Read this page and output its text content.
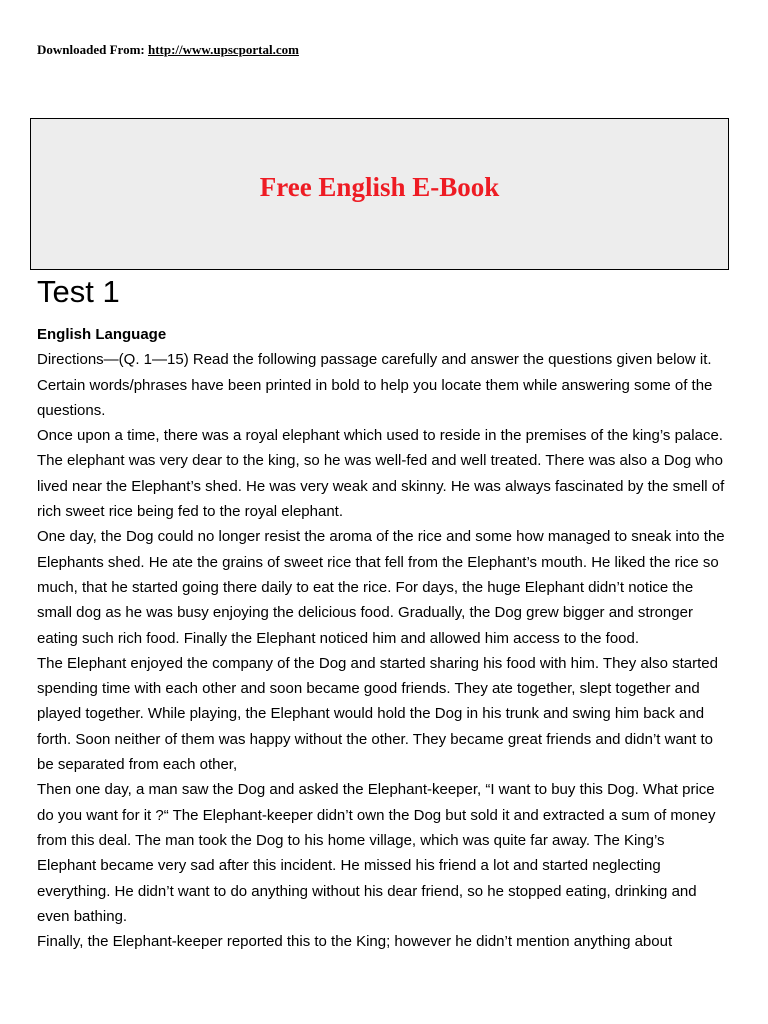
Downloaded From: http://www.upscportal.com
Free English E-Book
Test 1

English Language

Directions—(Q. 1—15) Read the following passage carefully and answer the questions given below it. Certain words/phrases have been printed in bold to help you locate them while answering some of the questions.

Once upon a time, there was a royal elephant which used to reside in the premises of the king’s palace. The elephant was very dear to the king, so he was well-fed and well treated. There was also a Dog who lived near the Elephant’s shed. He was very weak and skinny. He was always fascinated by the smell of rich sweet rice being fed to the royal elephant.

One day, the Dog could no longer resist the aroma of the rice and some how managed to sneak into the Elephants shed. He ate the grains of sweet rice that fell from the Elephant’s mouth. He liked the rice so much, that he started going there daily to eat the rice. For days, the huge Elephant didn’t notice the small dog as he was busy enjoying the delicious food. Gradually, the Dog grew bigger and stronger eating such rich food. Finally the Elephant noticed him and allowed him access to the food.

The Elephant enjoyed the company of the Dog and started sharing his food with him. They also started spending time with each other and soon became good friends. They ate together, slept together and played together. While playing, the Elephant would hold the Dog in his trunk and swing him back and forth. Soon neither of them was happy without the other. They became great friends and didn’t want to be separated from each other,

Then one day, a man saw the Dog and asked the Elephant-keeper, “I want to buy this Dog. What price do you want for it ?“ The Elephant-keeper didn’t own the Dog but sold it and extracted a sum of money from this deal. The man took the Dog to his home village, which was quite far away. The King’s Elephant became very sad after this incident. He missed his friend a lot and started neglecting everything. He didn’t want to do anything without his dear friend, so he stopped eating, drinking and even bathing.

Finally, the Elephant-keeper reported this to the King; however he didn’t mention anything about
